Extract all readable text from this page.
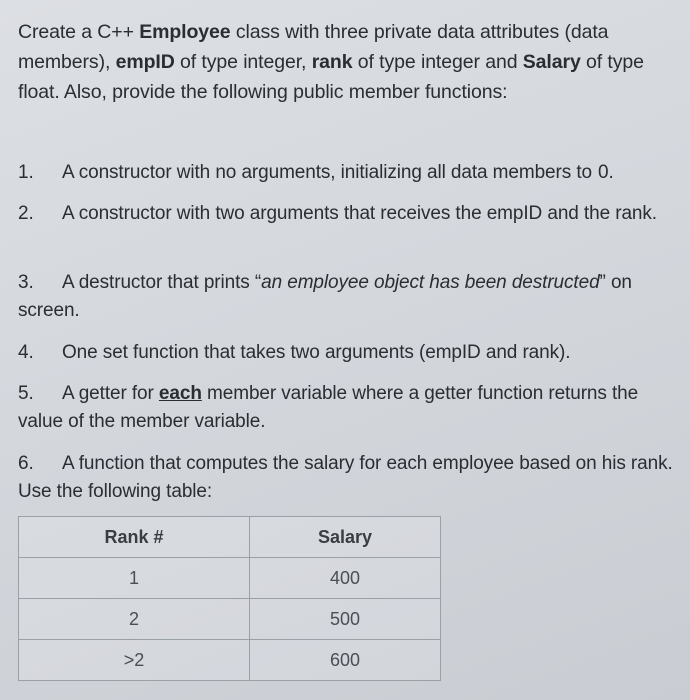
Create a C++ Employee class with three private data attributes (data members), empID of type integer, rank of type integer and Salary of type float. Also, provide the following public member functions:
1. A constructor with no arguments, initializing all data members to 0.
2. A constructor with two arguments that receives the empID and the rank.
3. A destructor that prints “an employee object has been destructed” on screen.
4. One set function that takes two arguments (empID and rank).
5. A getter for each member variable where a getter function returns the value of the member variable.
6. A function that computes the salary for each employee based on his rank. Use the following table:
Rank #	Salary
1	400
2	500
>2	600
